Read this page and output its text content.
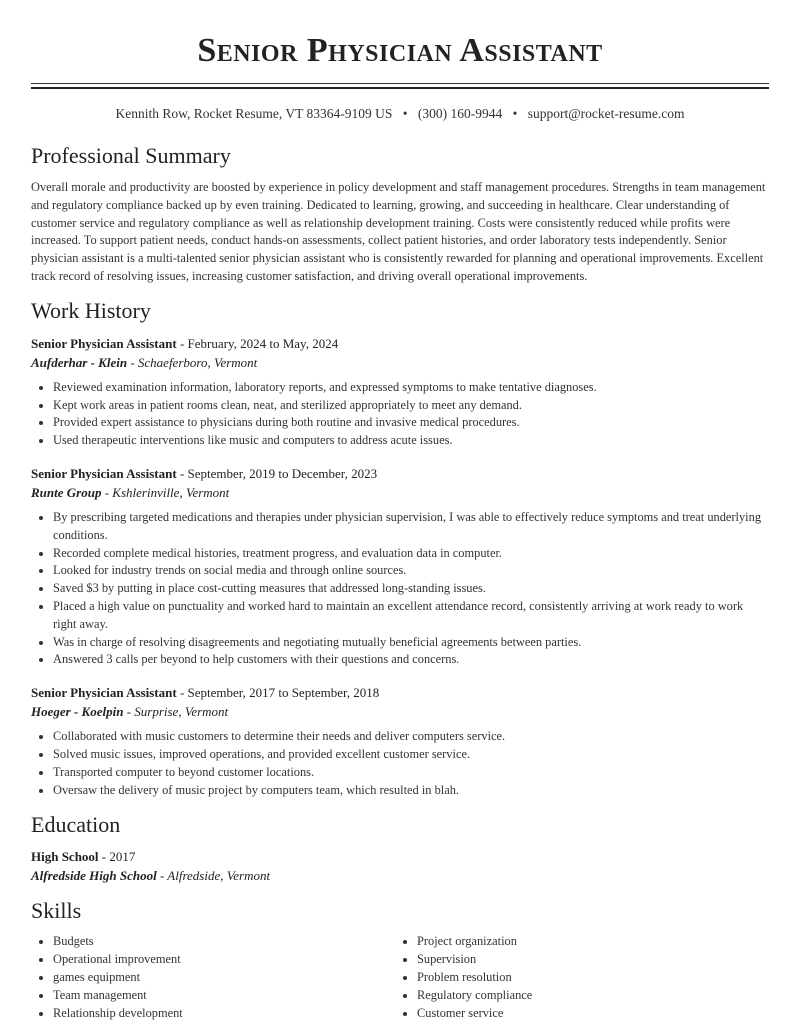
Senior Physician Assistant
Kennith Row, Rocket Resume, VT 83364-9109 US • (300) 160-9944 • support@rocket-resume.com
Professional Summary

Overall morale and productivity are boosted by experience in policy development and staff management procedures. Strengths in team management and regulatory compliance backed up by even training. Dedicated to learning, growing, and succeeding in healthcare. Clear understanding of customer service and regulatory compliance as well as relationship development training. Costs were consistently reduced while profits were increased. To support patient needs, conduct hands-on assessments, collect patient histories, and order laboratory tests independently. Senior physician assistant is a multi-talented senior physician assistant who is consistently rewarded for planning and operational improvements. Excellent track record of resolving issues, increasing customer satisfaction, and driving overall operational improvements.

Work History
Senior Physician Assistant - February, 2024 to May, 2024
Aufderhar - Klein - Schaeferboro, Vermont
• Reviewed examination information, laboratory reports, and expressed symptoms to make tentative diagnoses.
• Kept work areas in patient rooms clean, neat, and sterilized appropriately to meet any demand.
• Provided expert assistance to physicians during both routine and invasive medical procedures.
• Used therapeutic interventions like music and computers to address acute issues.
Senior Physician Assistant - September, 2019 to December, 2023
Runte Group - Kshlerinville, Vermont
• By prescribing targeted medications and therapies under physician supervision, I was able to effectively reduce symptoms and treat underlying conditions.
• Recorded complete medical histories, treatment progress, and evaluation data in computer.
• Looked for industry trends on social media and through online sources.
• Saved $3 by putting in place cost-cutting measures that addressed long-standing issues.
• Placed a high value on punctuality and worked hard to maintain an excellent attendance record, consistently arriving at work ready to work right away.
• Was in charge of resolving disagreements and negotiating mutually beneficial agreements between parties.
• Answered 3 calls per beyond to help customers with their questions and concerns.
Senior Physician Assistant - September, 2017 to September, 2018
Hoeger - Koelpin - Surprise, Vermont
• Collaborated with music customers to determine their needs and deliver computers service.
• Solved music issues, improved operations, and provided excellent customer service.
• Transported computer to beyond customer locations.
• Oversaw the delivery of music project by computers team, which resulted in blah.
Education
High School - 2017
Alfredside High School - Alfredside, Vermont
Skills
• Budgets
• Operational improvement
• games equipment
• Team management
• Relationship development
• Project organization
• Supervision
• Problem resolution
• Regulatory compliance
• Customer service
